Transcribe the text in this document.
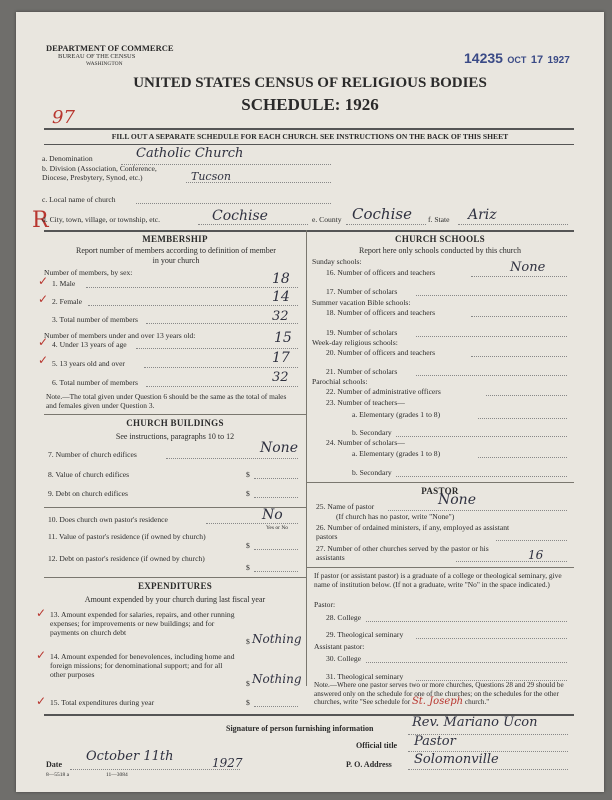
DEPARTMENT OF COMMERCE
BUREAU OF THE CENSUS
WASHINGTON	14235 OCT 17 1927
UNITED STATES CENSUS OF RELIGIOUS BODIES
SCHEDULE: 1926
97
FILL OUT A SEPARATE SCHEDULE FOR EACH CHURCH. SEE INSTRUCTIONS ON THE BACK OF THIS SHEET
a. Denomination	Catholic Church
b. Division (Association, Conference, Diocese, Presbytery, Synod, etc.)	Tucson
c. Local name of church
R
d. City, town, village, or township, etc.	Cochise	e. County Cochise f. State Ariz
MEMBERSHIP
Report number of members according to definition of member in your church
Number of members, by sex:
✓ 1. Male	18
✓ 2. Female	14
3. Total number of members	32
Number of members under and over 13 years old:
✓ 4. Under 13 years of age	15
✓ 5. 13 years old and over	17
6. Total number of members	32
Note.—The total given under Question 6 should be the same as the total of males and females given under Question 3.
CHURCH BUILDINGS
See instructions, paragraphs 10 to 12
7. Number of church edifices	None
8. Value of church edifices	$
9. Debt on church edifices	$
10. Does church own pastor's residence	No
Yes or No
11. Value of pastor's residence (if owned by church)
$
12. Debt on pastor's residence (if owned by church)
$
EXPENDITURES
Amount expended by your church during last fiscal year
✓ 13. Amount expended for salaries, repairs, and other running expenses; for improvements or new buildings; and for payments on church debt
$ Nothing
✓ 14. Amount expended for benevolences, including home and foreign missions; for denominational support; and for all other purposes
$ Nothing
✓ 15. Total expenditures during year	$
CHURCH SCHOOLS
Report here only schools conducted by this church
Sunday schools:
16. Number of officers and teachers	None
17. Number of scholars
Summer vacation Bible schools:
18. Number of officers and teachers
19. Number of scholars
Week-day religious schools:
20. Number of officers and teachers
21. Number of scholars
Parochial schools:
22. Number of administrative officers
23. Number of teachers—
a. Elementary (grades 1 to 8)
b. Secondary
24. Number of scholars—
a. Elementary (grades 1 to 8)
b. Secondary
PASTOR
25. Name of pastor	None
(If church has no pastor, write "None")
26. Number of ordained ministers, if any, employed as assistant pastors
27. Number of other churches served by the pastor or his assistants	16
If pastor (or assistant pastor) is a graduate of a college or theological seminary, give name of institution below. (If not a graduate, write "No" in the space indicated.)
Pastor:
28. College
29. Theological seminary
Assistant pastor:
30. College
31. Theological seminary
Note.—Where one pastor serves two or more churches, Questions 28 and 29 should be answered only on the schedule for one of the churches; on the schedules for the other churches, write "See schedule for St. Joseph church."
Signature of person furnishing information	Rev. Mariano Ucon
Official title Pastor
Date
October 11th	1927	P. O. Address Solomonville
8—5518 a	11—3084
